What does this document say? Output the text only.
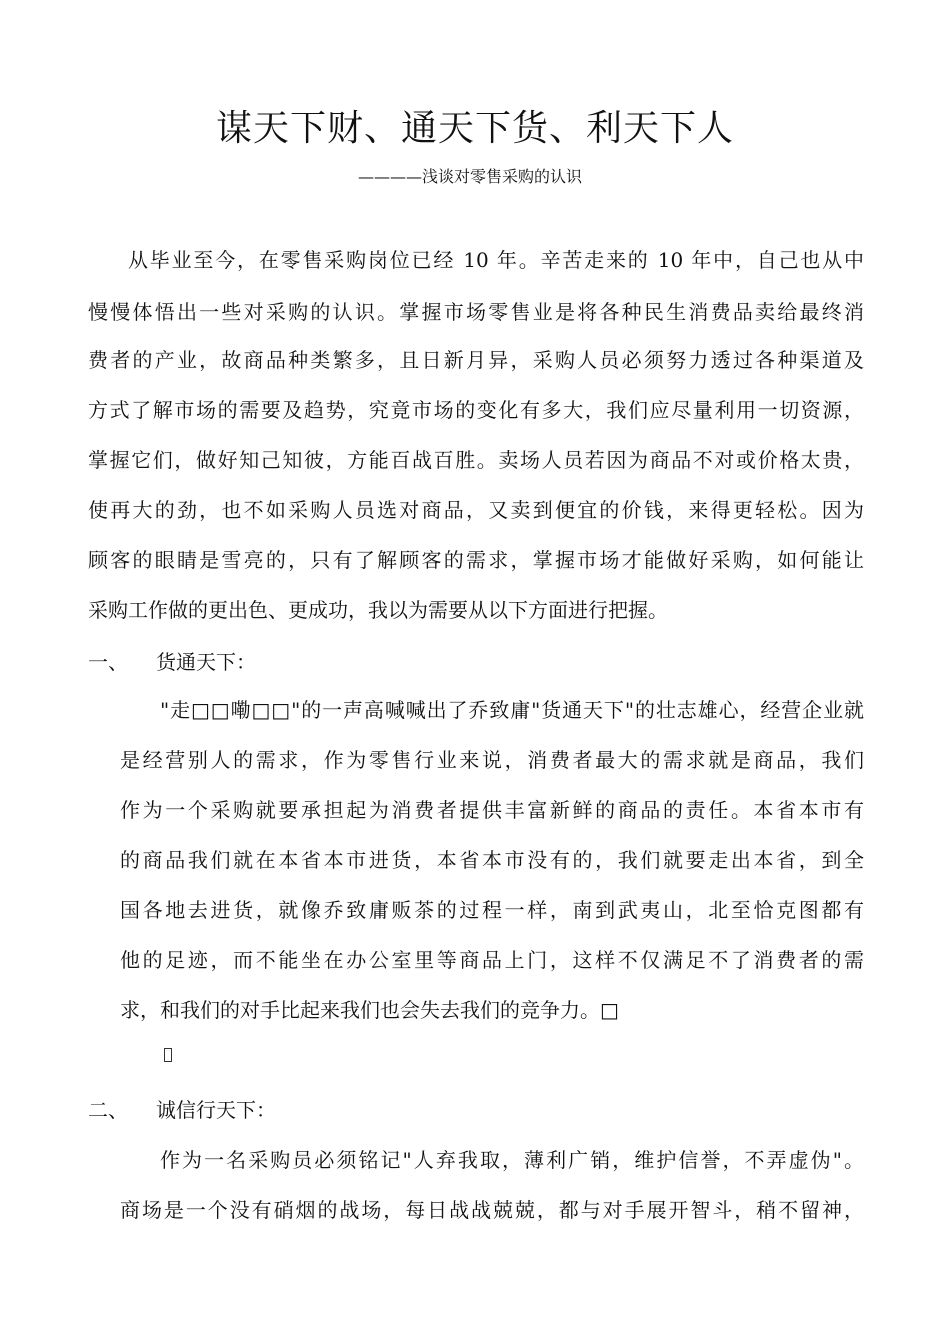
谋天下财、通天下货、利天下人
————浅谈对零售采购的认识
从毕业至今，在零售采购岗位已经 10 年。辛苦走来的 10 年中，自己也从中
慢慢体悟出一些对采购的认识。掌握市场零售业是将各种民生消费品卖给最终消
费者的产业，故商品种类繁多，且日新月异，采购人员必须努力透过各种渠道及
方式了解市场的需要及趋势，究竟市场的变化有多大，我们应尽量利用一切资源，
掌握它们，做好知己知彼，方能百战百胜。卖场人员若因为商品不对或价格太贵，
使再大的劲，也不如采购人员选对商品，又卖到便宜的价钱，来得更轻松。因为
顾客的眼睛是雪亮的，只有了解顾客的需求，掌握市场才能做好采购，如何能让
采购工作做的更出色、更成功，我以为需要从以下方面进行把握。
一、 货通天下：
"走□□嘞□□"的一声高喊喊出了乔致庸"货通天下"的壮志雄心，经营企业就
是经营别人的需求，作为零售行业来说，消费者最大的需求就是商品，我们
作为一个采购就要承担起为消费者提供丰富新鲜的商品的责任。本省本市有
的商品我们就在本省本市进货，本省本市没有的，我们就要走出本省，到全
国各地去进货，就像乔致庸贩茶的过程一样，南到武夷山，北至恰克图都有
他的足迹，而不能坐在办公室里等商品上门，这样不仅满足不了消费者的需
求，和我们的对手比起来我们也会失去我们的竞争力。□
二、 诚信行天下：
作为一名采购员必须铭记"人弃我取，薄利广销，维护信誉，不弄虚伪"。
商场是一个没有硝烟的战场，每日战战兢兢，都与对手展开智斗，稍不留神，
